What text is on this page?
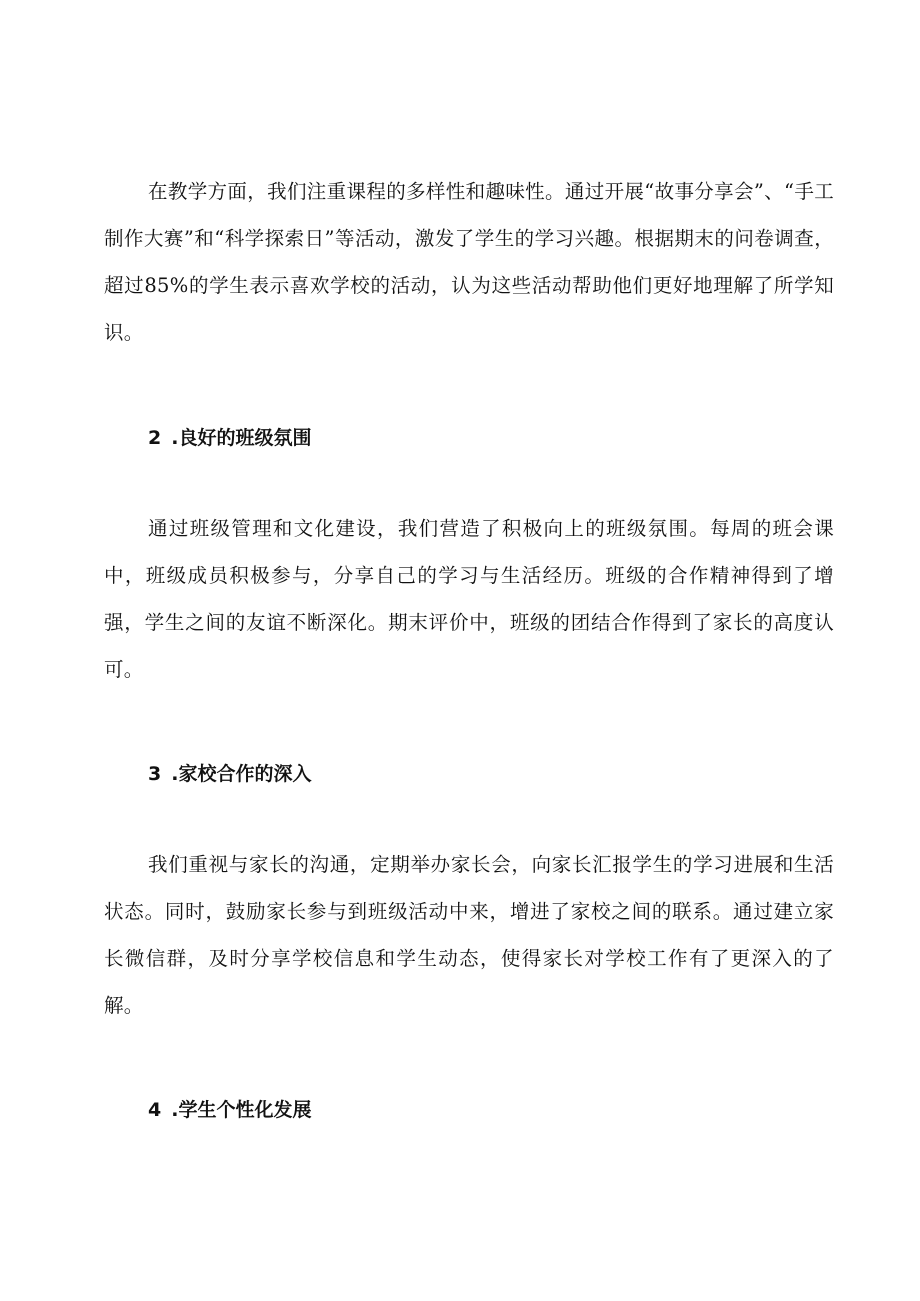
在教学方面，我们注重课程的多样性和趣味性。通过开展“故事分享会”、“手工制作大赛”和“科学探索日”等活动，激发了学生的学习兴趣。根据期末的问卷调查，超过85%的学生表示喜欢学校的活动，认为这些活动帮助他们更好地理解了所学知识。

2 .良好的班级氛围

通过班级管理和文化建设，我们营造了积极向上的班级氛围。每周的班会课中，班级成员积极参与，分享自己的学习与生活经历。班级的合作精神得到了增强，学生之间的友谊不断深化。期末评价中，班级的团结合作得到了家长的高度认可。

3 .家校合作的深入

我们重视与家长的沟通，定期举办家长会，向家长汇报学生的学习进展和生活状态。同时，鼓励家长参与到班级活动中来，增进了家校之间的联系。通过建立家长微信群，及时分享学校信息和学生动态，使得家长对学校工作有了更深入的了解。

4 .学生个性化发展
